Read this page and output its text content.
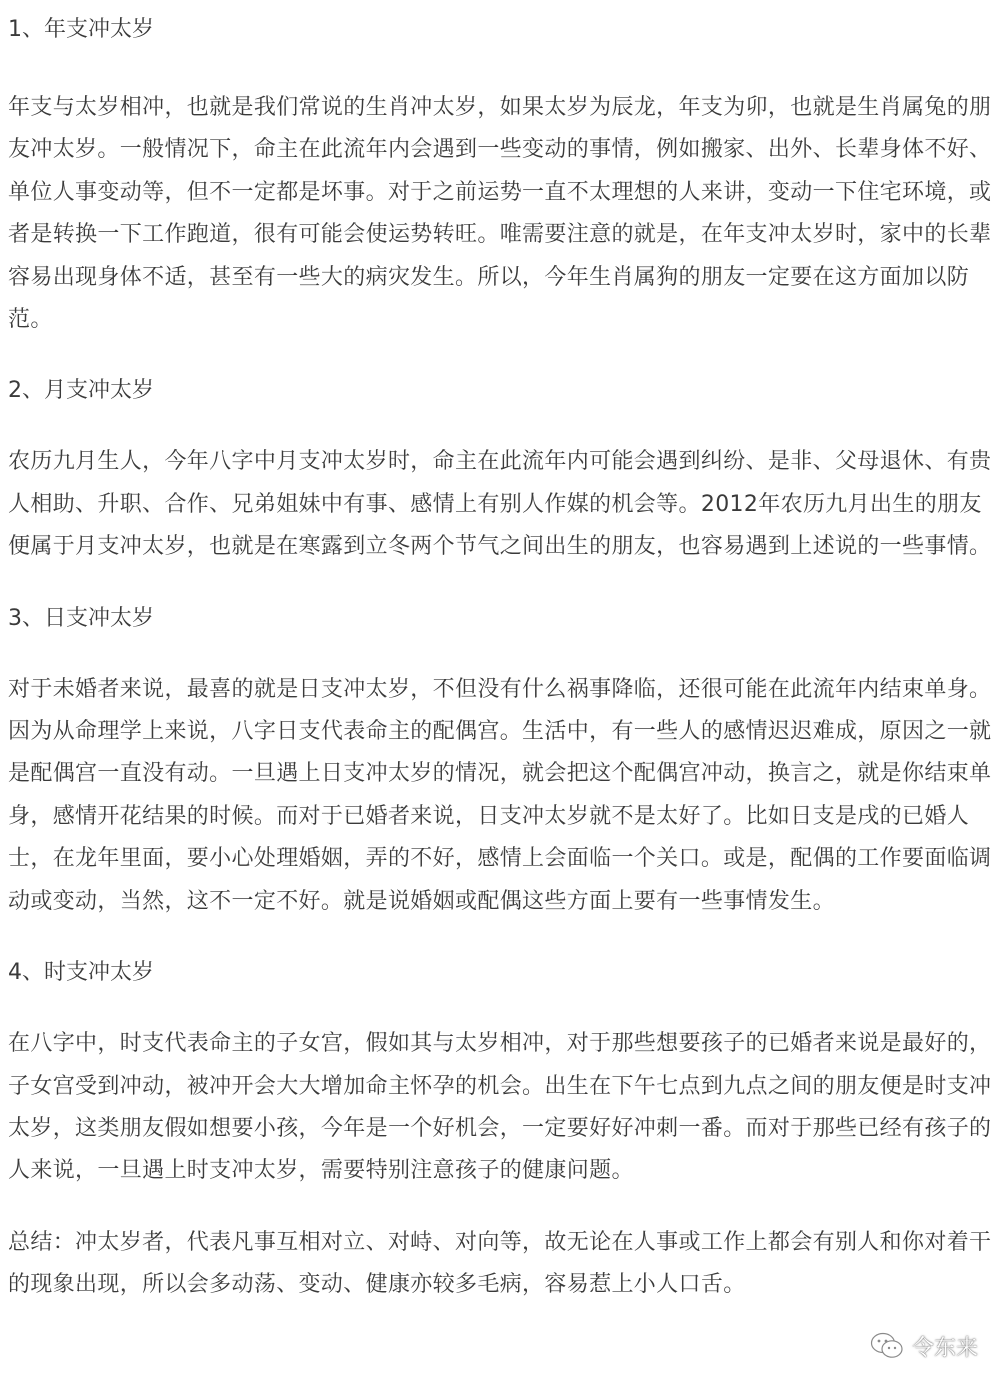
1、年支冲太岁

年支与太岁相冲，也就是我们常说的生肖冲太岁，如果太岁为辰龙，年支为卯，也就是生肖属兔的朋友冲太岁。一般情况下，命主在此流年内会遇到一些变动的事情，例如搬家、出外、长辈身体不好、单位人事变动等，但不一定都是坏事。对于之前运势一直不太理想的人来讲，变动一下住宅环境，或者是转换一下工作跑道，很有可能会使运势转旺。唯需要注意的就是，在年支冲太岁时，家中的长辈容易出现身体不适，甚至有一些大的病灾发生。所以，今年生肖属狗的朋友一定要在这方面加以防范。

2、月支冲太岁

农历九月生人，今年八字中月支冲太岁时，命主在此流年内可能会遇到纠纷、是非、父母退休、有贵人相助、升职、合作、兄弟姐妹中有事、感情上有别人作媒的机会等。2012年农历九月出生的朋友便属于月支冲太岁，也就是在寒露到立冬两个节气之间出生的朋友，也容易遇到上述说的一些事情。

3、日支冲太岁

对于未婚者来说，最喜的就是日支冲太岁，不但没有什么祸事降临，还很可能在此流年内结束单身。因为从命理学上来说，八字日支代表命主的配偶宫。生活中，有一些人的感情迟迟难成，原因之一就是配偶宫一直没有动。一旦遇上日支冲太岁的情况，就会把这个配偶宫冲动，换言之，就是你结束单身，感情开花结果的时候。而对于已婚者来说，日支冲太岁就不是太好了。比如日支是戌的已婚人士，在龙年里面，要小心处理婚姻，弄的不好，感情上会面临一个关口。或是，配偶的工作要面临调动或变动，当然，这不一定不好。就是说婚姻或配偶这些方面上要有一些事情发生。

4、时支冲太岁

在八字中，时支代表命主的子女宫，假如其与太岁相冲，对于那些想要孩子的已婚者来说是最好的，子女宫受到冲动，被冲开会大大增加命主怀孕的机会。出生在下午七点到九点之间的朋友便是时支冲太岁，这类朋友假如想要小孩，今年是一个好机会，一定要好好冲刺一番。而对于那些已经有孩子的人来说，一旦遇上时支冲太岁，需要特别注意孩子的健康问题。

总结：冲太岁者，代表凡事互相对立、对峙、对向等，故无论在人事或工作上都会有别人和你对着干的现象出现，所以会多动荡、变动、健康亦较多毛病，容易惹上小人口舌。

令东来
